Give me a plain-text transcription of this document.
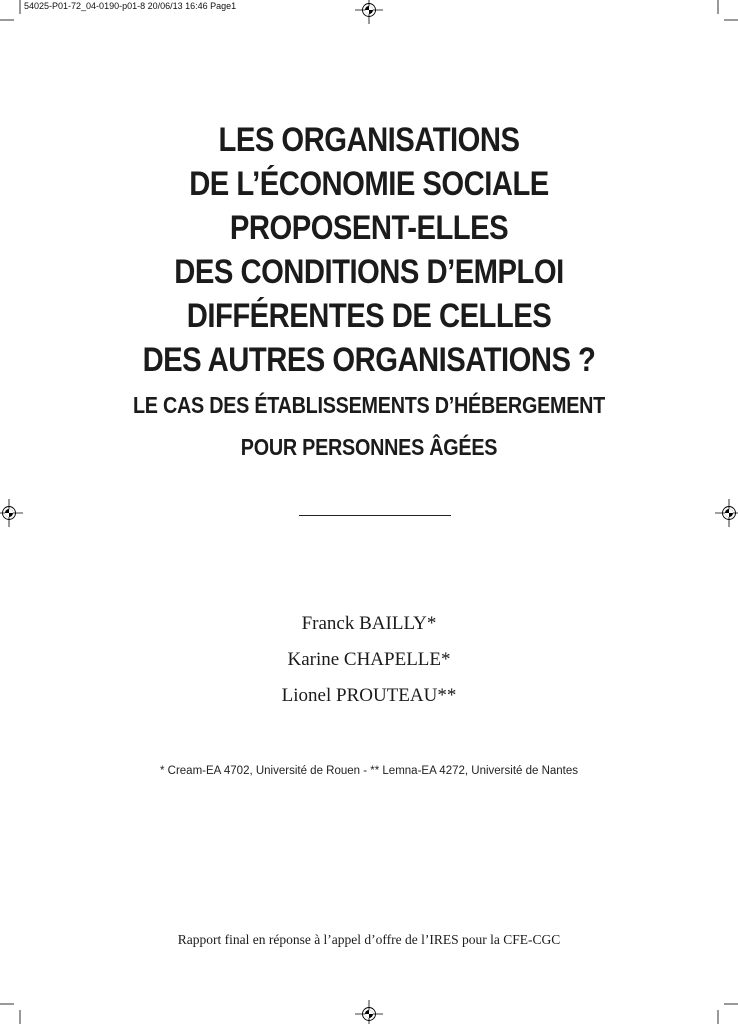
54025-P01-72_04-0190-p01-8 20/06/13 16:46 Page1
LES ORGANISATIONS
DE L’ÉCONOMIE SOCIALE
PROPOSENT-ELLES
DES CONDITIONS D’EMPLOI
DIFFÉRENTES DE CELLES
DES AUTRES ORGANISATIONS ?
LE CAS DES ÉTABLISSEMENTS D’HÉBERGEMENT
POUR PERSONNES ÂGÉES
Franck BAILLY*
Karine CHAPELLE*
Lionel PROUTEAU**
* Cream-EA 4702, Université de Rouen - ** Lemna-EA 4272, Université de Nantes
Rapport final en réponse à l’appel d’offre de l’IRES pour la CFE-CGC
